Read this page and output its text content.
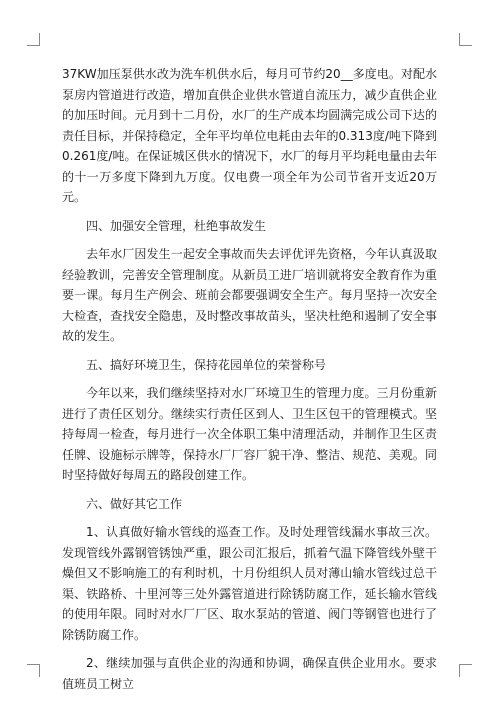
37KW加压泵供水改为洗车机供水后，每月可节约20__多度电。对配水泵房内管道进行改造，增加直供企业供水管道自流压力，减少直供企业的加压时间。元月到十二月份，水厂的生产成本均圆满完成公司下达的责任目标，并保持稳定，全年平均单位电耗由去年的0.313度/吨下降到0.261度/吨。在保证城区供水的情况下，水厂的每月平均耗电量由去年的十一万多度下降到九万度。仅电费一项全年为公司节省开支近20万元。

四、加强安全管理，杜绝事故发生

去年水厂因发生一起安全事故而失去评优评先资格，今年认真汲取经验教训，完善安全管理制度。从新员工进厂培训就将安全教育作为重要一课。每月生产例会、班前会都要强调安全生产。每月坚持一次安全大检查，查找安全隐患，及时整改事故苗头，坚决杜绝和遏制了安全事故的发生。

五、搞好环境卫生，保持花园单位的荣誉称号

今年以来，我们继续坚持对水厂环境卫生的管理力度。三月份重新进行了责任区划分。继续实行责任区到人、卫生区包干的管理模式。坚持每周一检查，每月进行一次全体职工集中清理活动，并制作卫生区责任牌、设施标示牌等，保持水厂厂容厂貌干净、整洁、规范、美观。同时坚持做好每周五的路段创建工作。

六、做好其它工作

1、认真做好输水管线的巡查工作。及时处理管线漏水事故三次。发现管线外露钢管锈蚀严重，跟公司汇报后，抓着气温下降管线外壁干燥但又不影响施工的有利时机，十月份组织人员对薄山输水管线过总干渠、铁路桥、十里河等三处外露管道进行除锈防腐工作，延长输水管线的使用年限。同时对水厂厂区、取水泵站的管道、阀门等钢管也进行了除锈防腐工作。

2、继续加强与直供企业的沟通和协调，确保直供企业用水。要求值班员工树立
